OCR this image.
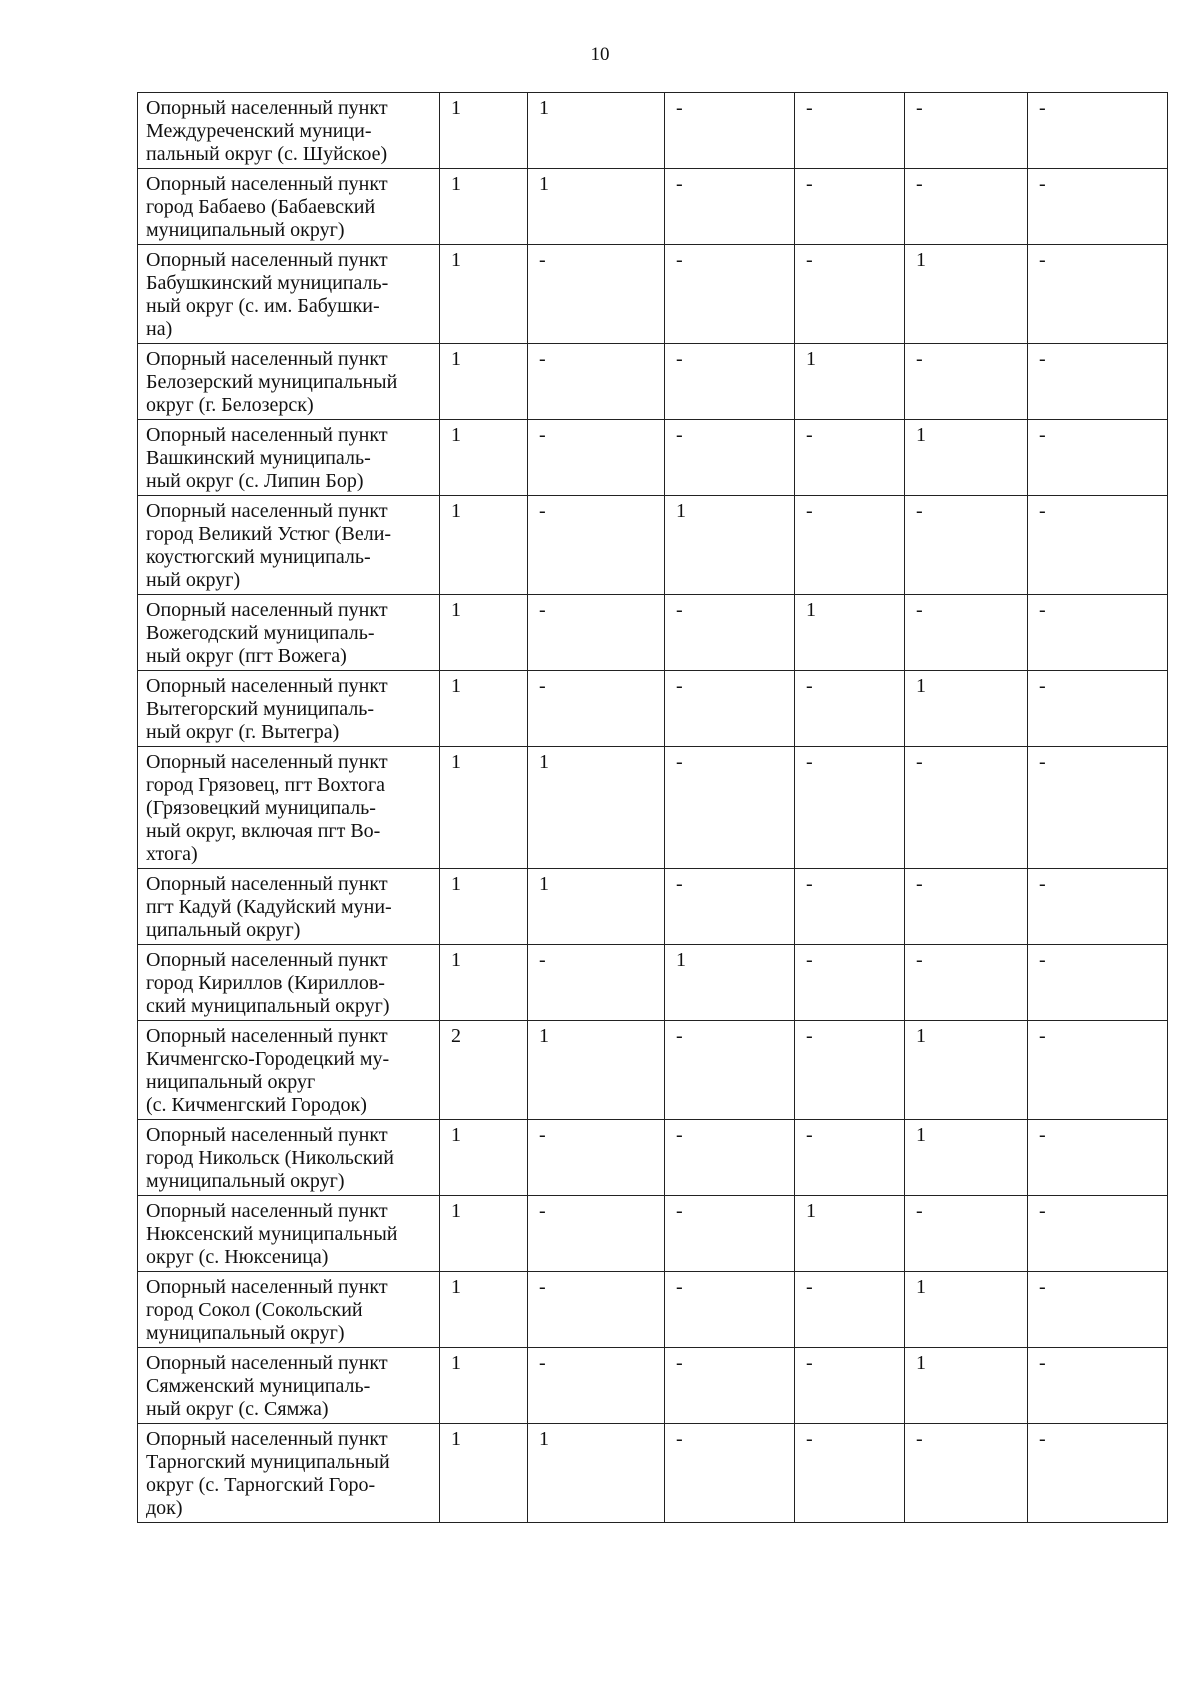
10
Опорный населенный пункт
Междуреченский муници-
пальный округ (с. Шуйское)	1	1	-	-	-	-

Опорный населенный пункт
город Бабаево (Бабаевский
муниципальный округ)	1	1	-	-	-	-

Опорный населенный пункт
Бабушкинский муниципаль-
ный округ (с. им. Бабушки-
на)	1	-	-	-	1	-

Опорный населенный пункт
Белозерский муниципальный
округ (г. Белозерск)	1	-	-	1	-	-

Опорный населенный пункт
Вашкинский муниципаль-
ный округ (с. Липин Бор)	1	-	-	-	1	-

Опорный населенный пункт
город Великий Устюг (Вели-
коустюгский муниципаль-
ный округ)	1	-	1	-	-	-

Опорный населенный пункт
Вожегодский муниципаль-
ный округ (пгт Вожега)	1	-	-	1	-	-

Опорный населенный пункт
Вытегорский муниципаль-
ный округ (г. Вытегра)	1	-	-	-	1	-

Опорный населенный пункт
город Грязовец, пгт Вохтога
(Грязовецкий муниципаль-
ный округ, включая пгт Во-
хтога)	1	1	-	-	-	-

Опорный населенный пункт
пгт Кадуй (Кадуйский муни-
ципальный округ)	1	1	-	-	-	-

Опорный населенный пункт
город Кириллов (Кириллов-
ский муниципальный округ)	1	-	1	-	-	-

Опорный населенный пункт
Кичменгско-Городецкий му-
ниципальный округ
(с. Кичменгский Городок)	2	1	-	-	1	-

Опорный населенный пункт
город Никольск (Никольский
муниципальный округ)	1	-	-	-	1	-

Опорный населенный пункт
Нюксенский муниципальный
округ (с. Нюксеница)	1	-	-	1	-	-

Опорный населенный пункт
город Сокол (Сокольский
муниципальный округ)	1	-	-	-	1	-

Опорный населенный пункт
Сямженский муниципаль-
ный округ (с. Сямжа)	1	-	-	-	1	-

Опорный населенный пункт
Тарногский муниципальный
округ (с. Тарногский Горо-
док)	1	1	-	-	-	-
